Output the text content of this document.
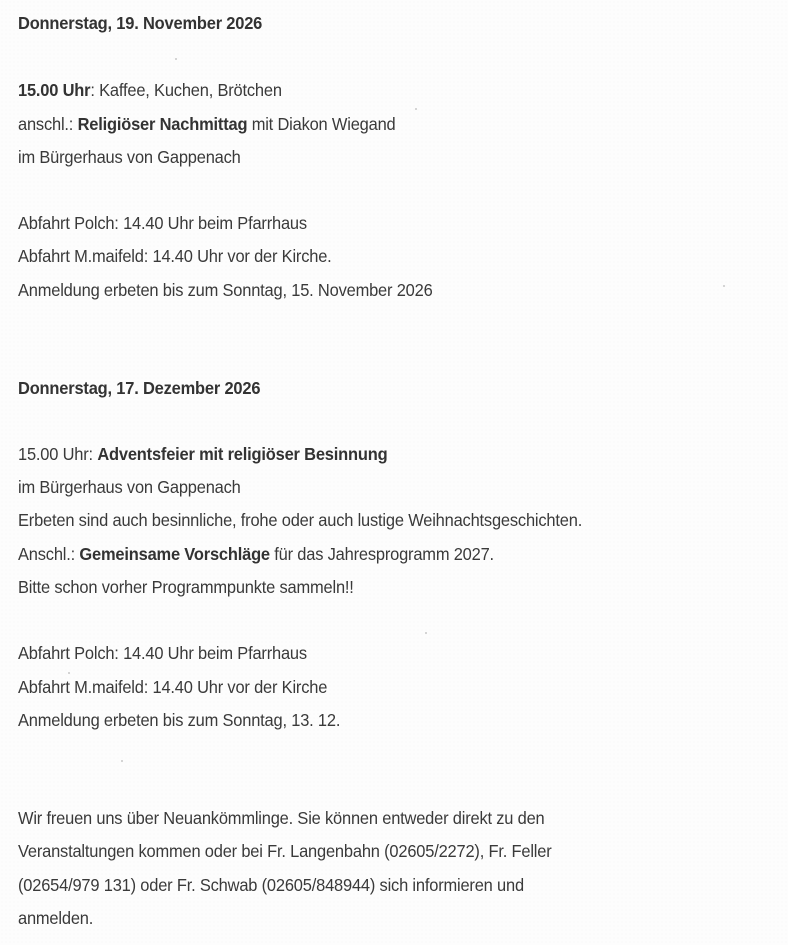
Donnerstag, 19. November 2026
15.00 Uhr: Kaffee, Kuchen, Brötchen
anschl.: Religiöser Nachmittag mit Diakon Wiegand
im Bürgerhaus von Gappenach
Abfahrt Polch: 14.40 Uhr beim Pfarrhaus
Abfahrt M.maifeld: 14.40 Uhr vor der Kirche.
Anmeldung erbeten bis zum Sonntag, 15. November 2026
Donnerstag, 17. Dezember 2026
15.00 Uhr: Adventsfeier mit religiöser Besinnung
im Bürgerhaus von Gappenach
Erbeten sind auch besinnliche, frohe oder auch lustige Weihnachtsgeschichten.
Anschl.: Gemeinsame Vorschläge für das Jahresprogramm 2027.
Bitte schon vorher Programmpunkte sammeln!!
Abfahrt Polch: 14.40 Uhr beim Pfarrhaus
Abfahrt M.maifeld: 14.40 Uhr vor der Kirche
Anmeldung erbeten bis zum Sonntag, 13. 12.
Wir freuen uns über Neuankömmlinge. Sie können entweder direkt zu den
Veranstaltungen kommen oder bei Fr. Langenbahn (02605/2272), Fr. Feller
(02654/979 131) oder Fr. Schwab (02605/848944) sich informieren und
anmelden.
